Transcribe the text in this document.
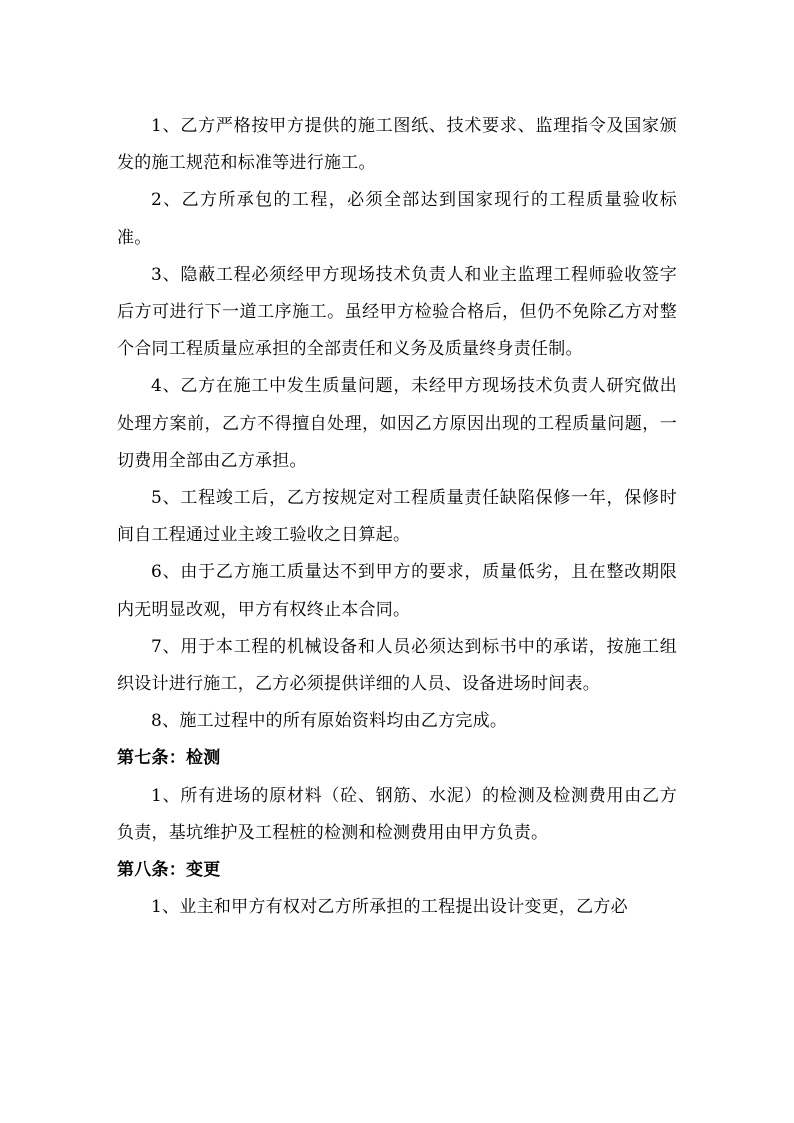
1、乙方严格按甲方提供的施工图纸、技术要求、监理指令及国家颁发的施工规范和标准等进行施工。

2、乙方所承包的工程，必须全部达到国家现行的工程质量验收标准。

3、隐蔽工程必须经甲方现场技术负责人和业主监理工程师验收签字后方可进行下一道工序施工。虽经甲方检验合格后，但仍不免除乙方对整个合同工程质量应承担的全部责任和义务及质量终身责任制。

4、乙方在施工中发生质量问题，未经甲方现场技术负责人研究做出处理方案前，乙方不得擅自处理，如因乙方原因出现的工程质量问题，一切费用全部由乙方承担。

5、工程竣工后，乙方按规定对工程质量责任缺陷保修一年，保修时间自工程通过业主竣工验收之日算起。

6、由于乙方施工质量达不到甲方的要求，质量低劣，且在整改期限内无明显改观，甲方有权终止本合同。

7、用于本工程的机械设备和人员必须达到标书中的承诺，按施工组织设计进行施工，乙方必须提供详细的人员、设备进场时间表。

8、施工过程中的所有原始资料均由乙方完成。

第七条：检测

1、所有进场的原材料（砼、钢筋、水泥）的检测及检测费用由乙方负责，基坑维护及工程桩的检测和检测费用由甲方负责。

第八条：变更

1、业主和甲方有权对乙方所承担的工程提出设计变更，乙方必
